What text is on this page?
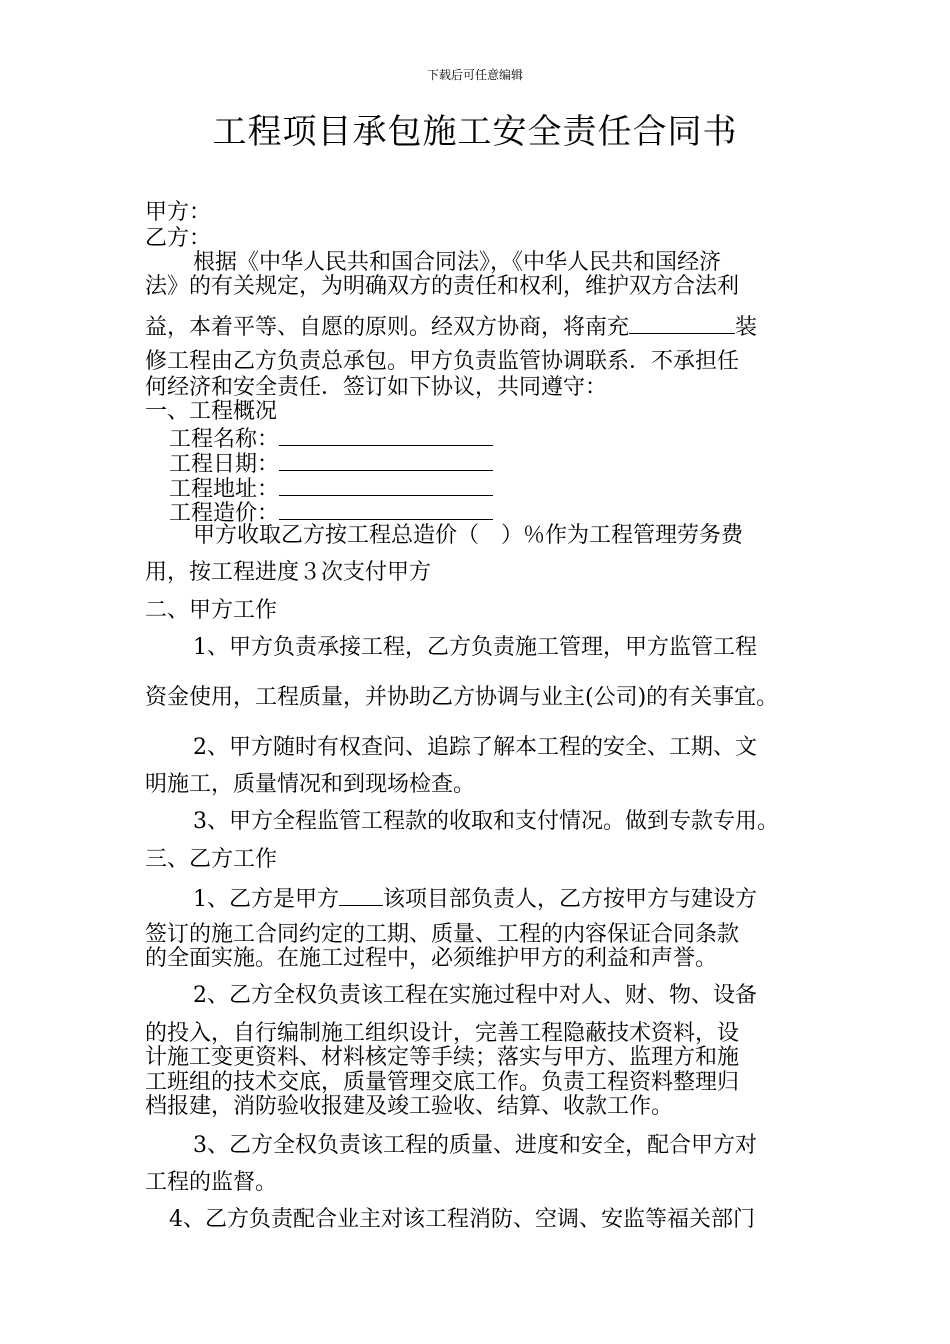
下载后可任意编辑
工程项目承包施工安全责任合同书
甲方：
乙方：
根据《中华人民共和国合同法》，《中华人民共和国经济
法》的有关规定，为明确双方的责任和权利，维护双方合法利
益，本着平等、自愿的原则。经双方协商，将南充	装
修工程由乙方负责总承包。甲方负责监管协调联系．不承担任
何经济和安全责任．签订如下协议，共同遵守：
一、工程概况
工程名称：
工程日期：
工程地址：
工程造价：
甲方收取乙方按工程总造价（　）％作为工程管理劳务费
用，按工程进度３次支付甲方
二、甲方工作
1、甲方负责承接工程，乙方负责施工管理，甲方监管工程
资金使用，工程质量，并协助乙方协调与业主(公司)的有关事宜。
2、甲方随时有权查问、追踪了解本工程的安全、工期、文
明施工，质量情况和到现场检查。
3、甲方全程监管工程款的收取和支付情况。做到专款专用。
三、乙方工作
1、乙方是甲方 该项目部负责人，乙方按甲方与建设方
签订的施工合同约定的工期、质量、工程的内容保证合同条款
的全面实施。在施工过程中，必须维护甲方的利益和声誉。
2、乙方全权负责该工程在实施过程中对人、财、物、设备
的投入，自行编制施工组织设计，完善工程隐蔽技术资料，设
计施工变更资料、材料核定等手续；落实与甲方、监理方和施
工班组的技术交底，质量管理交底工作。负责工程资料整理归
档报建，消防验收报建及竣工验收、结算、收款工作。
3、乙方全权负责该工程的质量、进度和安全，配合甲方对
工程的监督。
4、乙方负责配合业主对该工程消防、空调、安监等福关部门
